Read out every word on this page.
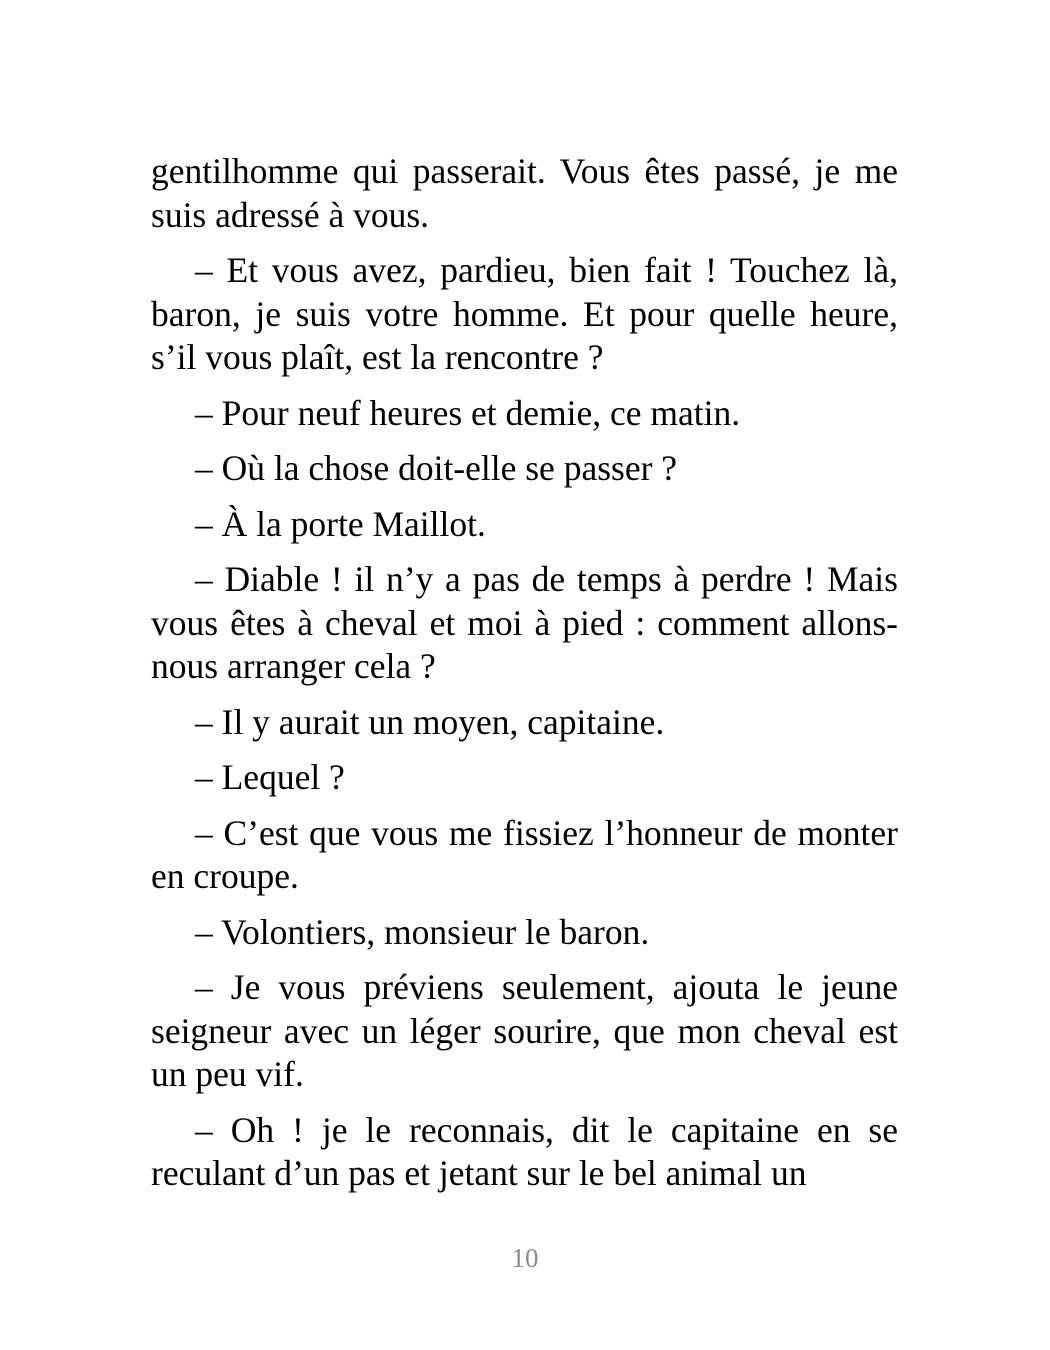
gentilhomme qui passerait. Vous êtes passé, je me suis adressé à vous.

– Et vous avez, pardieu, bien fait ! Touchez là, baron, je suis votre homme. Et pour quelle heure, s’il vous plaît, est la rencontre ?

– Pour neuf heures et demie, ce matin.

– Où la chose doit-elle se passer ?

– À la porte Maillot.

– Diable ! il n’y a pas de temps à perdre ! Mais vous êtes à cheval et moi à pied : comment allons-nous arranger cela ?

– Il y aurait un moyen, capitaine.

– Lequel ?

– C’est que vous me fissiez l’honneur de monter en croupe.

– Volontiers, monsieur le baron.

– Je vous préviens seulement, ajouta le jeune seigneur avec un léger sourire, que mon cheval est un peu vif.

– Oh ! je le reconnais, dit le capitaine en se reculant d’un pas et jetant sur le bel animal un

10
